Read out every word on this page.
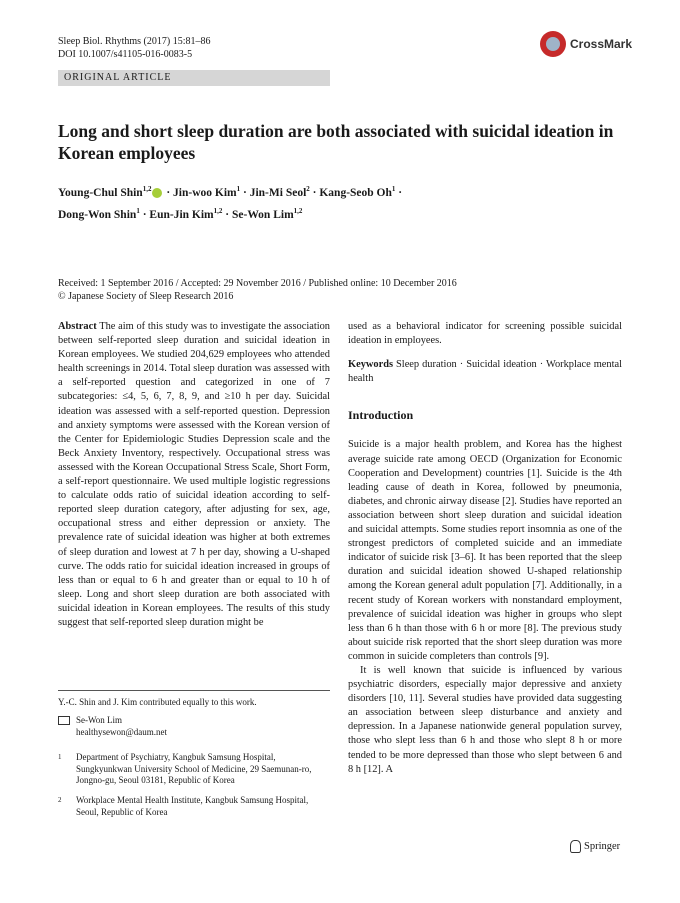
Sleep Biol. Rhythms (2017) 15:81–86
DOI 10.1007/s41105-016-0083-5
ORIGINAL ARTICLE
CrossMark
Long and short sleep duration are both associated with suicidal ideation in Korean employees
Young-Chul Shin$^{1,2}$ · Jin-woo Kim$^1$ · Jin-Mi Seol$^2$ · Kang-Seob $Oh^1$ ·
Dong-Won Shin$^1$ · Eun-Jin Kim$^{1,2}$ · Se-Won Lim$^{1,2}$
Received: 1 September 2016 / Accepted: 29 November 2016 / Published online: 10 December 2016
© Japanese Society of Sleep Research 2016

Abstract The aim of this study was to investigate the association between self-reported sleep duration and suicidal ideation in Korean employees. We studied 204,629 employees who attended health screenings in 2014. Total sleep duration was assessed with a self-reported question and categorized in one of 7 subcategories: ≤4, 5, 6, 7, 8, 9, and ≥10 h per day. Suicidal ideation was assessed with a self-reported question. Depression and anxiety symptoms were assessed with the Korean version of the Center for Epidemiologic Studies Depression scale and the Beck Anxiety Inventory, respectively. Occupational stress was assessed with the Korean Occupational Stress Scale, Short Form, a self-report questionnaire. We used multiple logistic regressions to calculate odds ratio of suicidal ideation according to self-reported sleep duration category, after adjusting for sex, age, occupational stress and either depression or anxiety. The prevalence rate of suicidal ideation was higher at both extremes of sleep duration and lowest at 7 h per day, showing a U-shaped curve. The odds ratio for suicidal ideation increased in groups of less than or equal to 6 h and greater than or equal to 10 h of sleep. Long and short sleep duration are both associated with suicidal ideation in Korean employees. The results of this study suggest that self-reported sleep duration might be

used as a behavioral indicator for screening possible suicidal ideation in employees.

Keywords Sleep duration · Suicidal ideation · Workplace mental health

Introduction

Suicide is a major health problem, and Korea has the highest average suicide rate among OECD (Organization for Economic Cooperation and Development) countries [1]. Suicide is the 4th leading cause of death in Korea, followed by pneumonia, diabetes, and chronic airway disease [2]. Studies have reported an association between short sleep duration and suicidal ideation and suicidal attempts. Some studies report insomnia as one of the strongest predictors of completed suicide and an immediate indicator of suicide risk [3–6]. It has been reported that the sleep duration and suicidal ideation showed U-shaped relationship among the Korean general adult population [7]. Additionally, in a recent study of Korean workers with nonstandard employment, prevalence of suicidal ideation was higher in groups who slept less than 6 h than those with 6 h or more [8]. The previous study about suicide risk reported that the short sleep duration was more common in suicide completers than controls [9].

It is well known that suicide is influenced by various psychiatric disorders, especially major depressive and anxiety disorders [10, 11]. Several studies have provided data suggesting an association between sleep disturbance and anxiety and depression. In a Japanese nationwide general population survey, those who slept less than 6 h and those who slept 8 h or more tended to be more depressed than those who slept between 6 and 8 h [12]. A

Y.-C. Shin and J. Kim contributed equally to this work.
Se-Won Lim
healthysewon@daum.net
1 Department of Psychiatry, Kangbuk Samsung Hospital, Sungkyunkwan University School of Medicine, 29 Saemunan-ro, Jongno-gu, Seoul 03181, Republic of Korea
2 Workplace Mental Health Institute, Kangbuk Samsung Hospital, Seoul, Republic of Korea
Springer
